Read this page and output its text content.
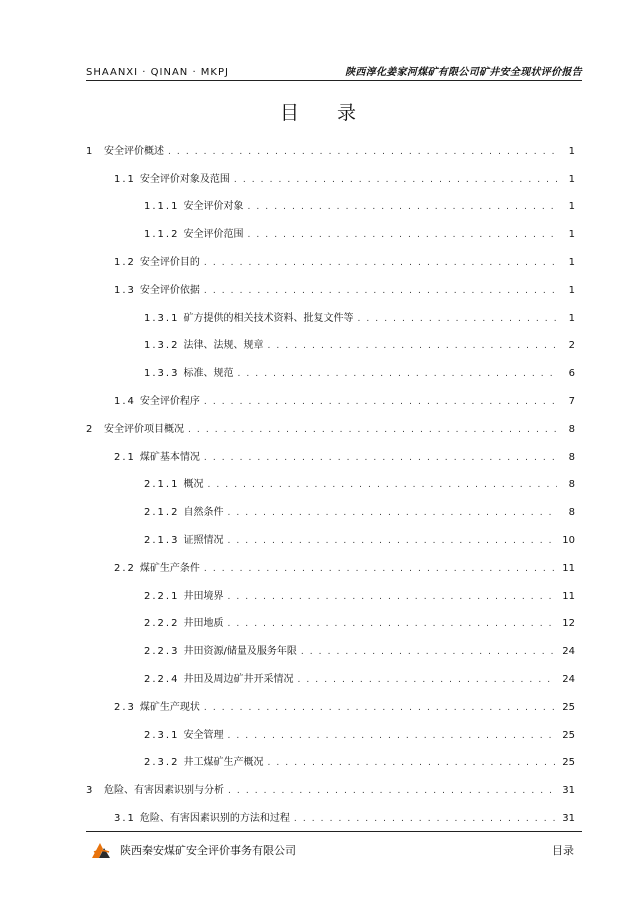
SHAANXI · QINAN · MKPJ	陕西淳化姜家河煤矿有限公司矿井安全现状评价报告
目 录
1 安全评价概述 . . .	1
1.1 安全评价对象及范围 . . .	1
1.1.1 安全评价对象 . . .	1
1.1.2 安全评价范围 . . .	1
1.2 安全评价目的 . . .	1
1.3 安全评价依据 . . .	1
1.3.1 矿方提供的相关技术资料、批复文件等 . . .	1
1.3.2 法律、法规、规章 . . .	2
1.3.3 标准、规范 . . .	6
1.4 安全评价程序 . . .	7
2 安全评价项目概况 . . .	8
2.1 煤矿基本情况 . . .	8
2.1.1 概况 . . .	8
2.1.2 自然条件 . . .	8
2.1.3 证照情况 . . .	10
2.2 煤矿生产条件 . . .	11
2.2.1 井田境界 . . .	11
2.2.2 井田地质 . . .	12
2.2.3 井田资源/储量及服务年限 . . .	24
2.2.4 井田及周边矿井开采情况 . . .	24
2.3 煤矿生产现状 . . .	25
2.3.1 安全管理 . . .	25
2.3.2 井工煤矿生产概况 . . .	25
3 危险、有害因素识别与分析 . . .	31
3.1 危险、有害因素识别的方法和过程 . . .	31
陕西秦安煤矿安全评价事务有限公司	目录
